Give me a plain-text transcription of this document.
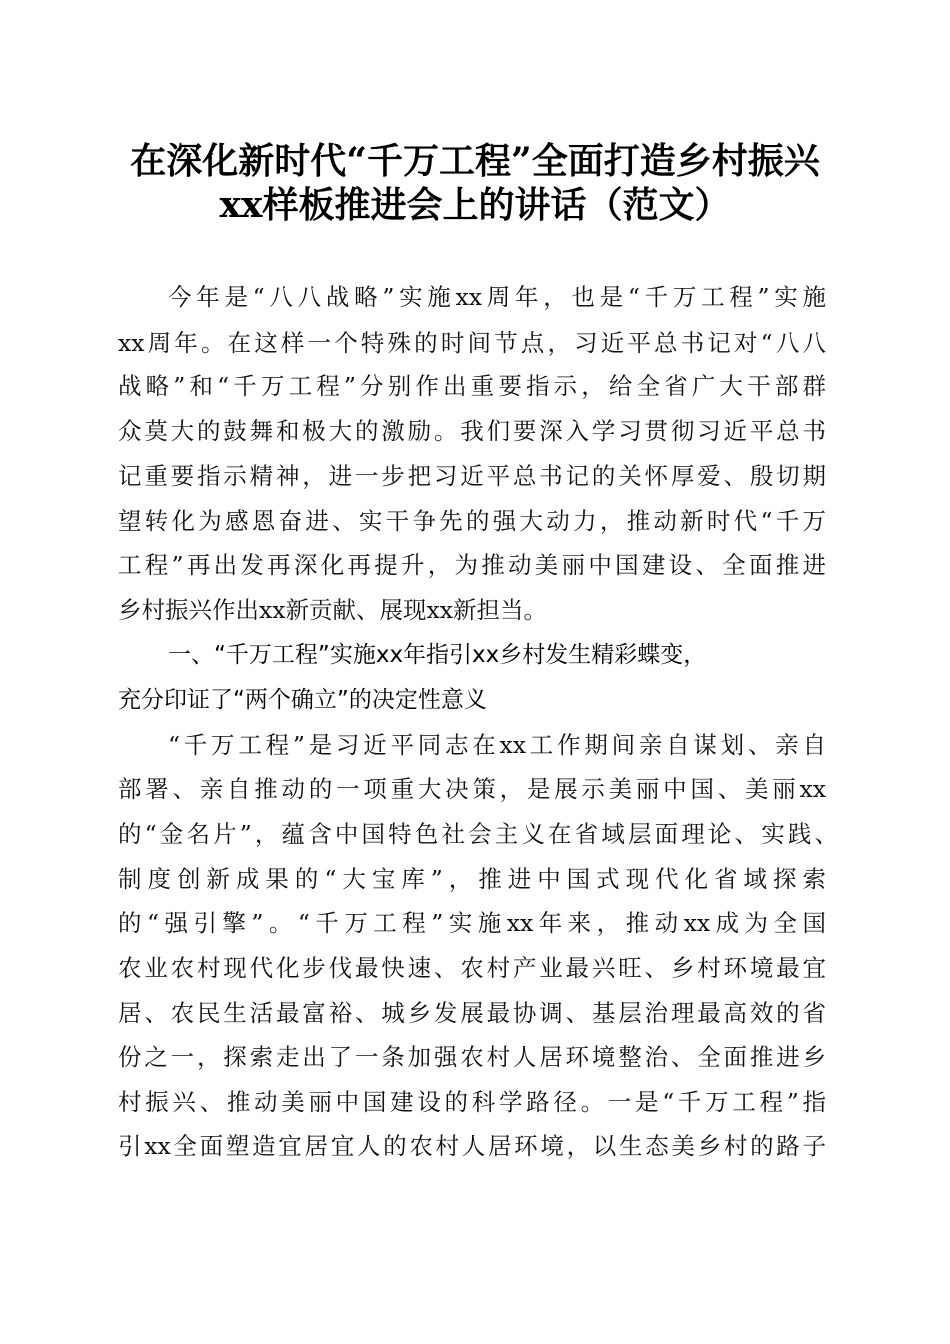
在深化新时代“千万工程”全面打造乡村振兴
xx样板推进会上的讲话（范文）
今年是“八八战略”实施xx周年，也是“千万工程”实施
xx周年。在这样一个特殊的时间节点，习近平总书记对“八八
战略”和“千万工程”分别作出重要指示，给全省广大干部群
众莫大的鼓舞和极大的激励。我们要深入学习贯彻习近平总书
记重要指示精神，进一步把习近平总书记的关怀厚爱、殷切期
望转化为感恩奋进、实干争先的强大动力，推动新时代“千万
工程”再出发再深化再提升，为推动美丽中国建设、全面推进
乡村振兴作出xx新贡献、展现xx新担当。
一、“千万工程”实施xx年指引xx乡村发生精彩蝶变，
充分印证了“两个确立”的决定性意义
“千万工程”是习近平同志在xx工作期间亲自谋划、亲自
部署、亲自推动的一项重大决策，是展示美丽中国、美丽xx
的“金名片”，蕴含中国特色社会主义在省域层面理论、实践、
制度创新成果的“大宝库”，推进中国式现代化省域探索
的“强引擎”。“千万工程”实施xx年来，推动xx成为全国
农业农村现代化步伐最快速、农村产业最兴旺、乡村环境最宜
居、农民生活最富裕、城乡发展最协调、基层治理最高效的省
份之一，探索走出了一条加强农村人居环境整治、全面推进乡
村振兴、推动美丽中国建设的科学路径。一是“千万工程”指
引xx全面塑造宜居宜人的农村人居环境，以生态美乡村的路子
